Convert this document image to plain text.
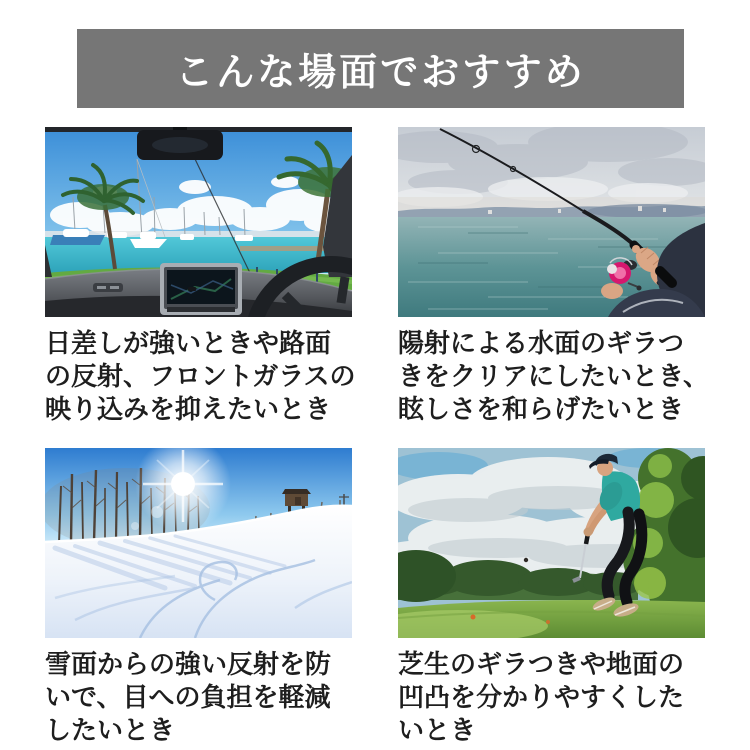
こんな場面でおすすめ

日差しが強いときや路面
の反射、フロントガラスの
映り込みを抑えたいとき

陽射による水面のギラつ
きをクリアにしたいとき、
眩しさを和らげたいとき

雪面からの強い反射を防
いで、目への負担を軽減
したいとき

芝生のギラつきや地面の
凹凸を分かりやすくした
いとき
